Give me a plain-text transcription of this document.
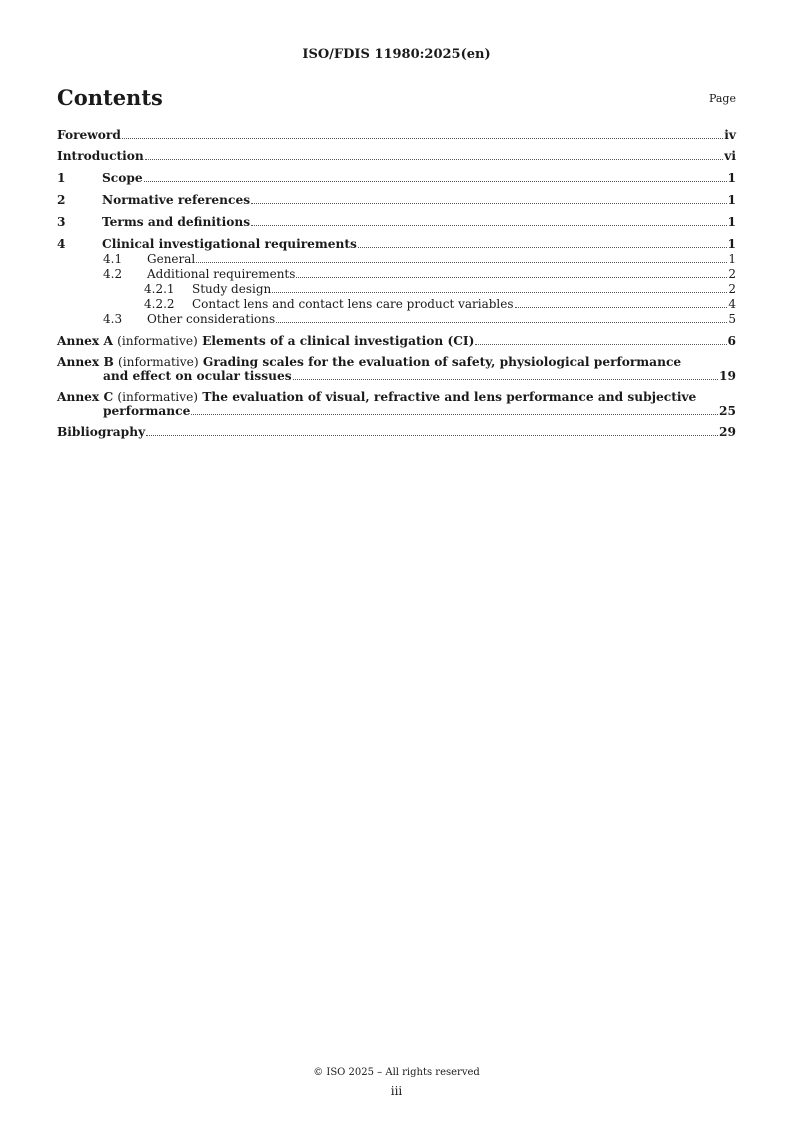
ISO/FDIS 11980:2025(en)
Contents	Page
Foreword	iv
Introduction	vi
1	Scope	1
2	Normative references	1
3	Terms and definitions	1
4	Clinical investigational requirements	1
4.1	General	1
4.2	Additional requirements	2
4.2.1	Study design	2
4.2.2	Contact lens and contact lens care product variables	4
4.3	Other considerations	5
Annex A (informative) Elements of a clinical investigation (CI)	6
Annex B (informative) Grading scales for the evaluation of safety, physiological performance
and effect on ocular tissues	19
Annex C (informative) The evaluation of visual, refractive and lens performance and subjective
performance	25
Bibliography	29
© ISO 2025 – All rights reserved
iii
